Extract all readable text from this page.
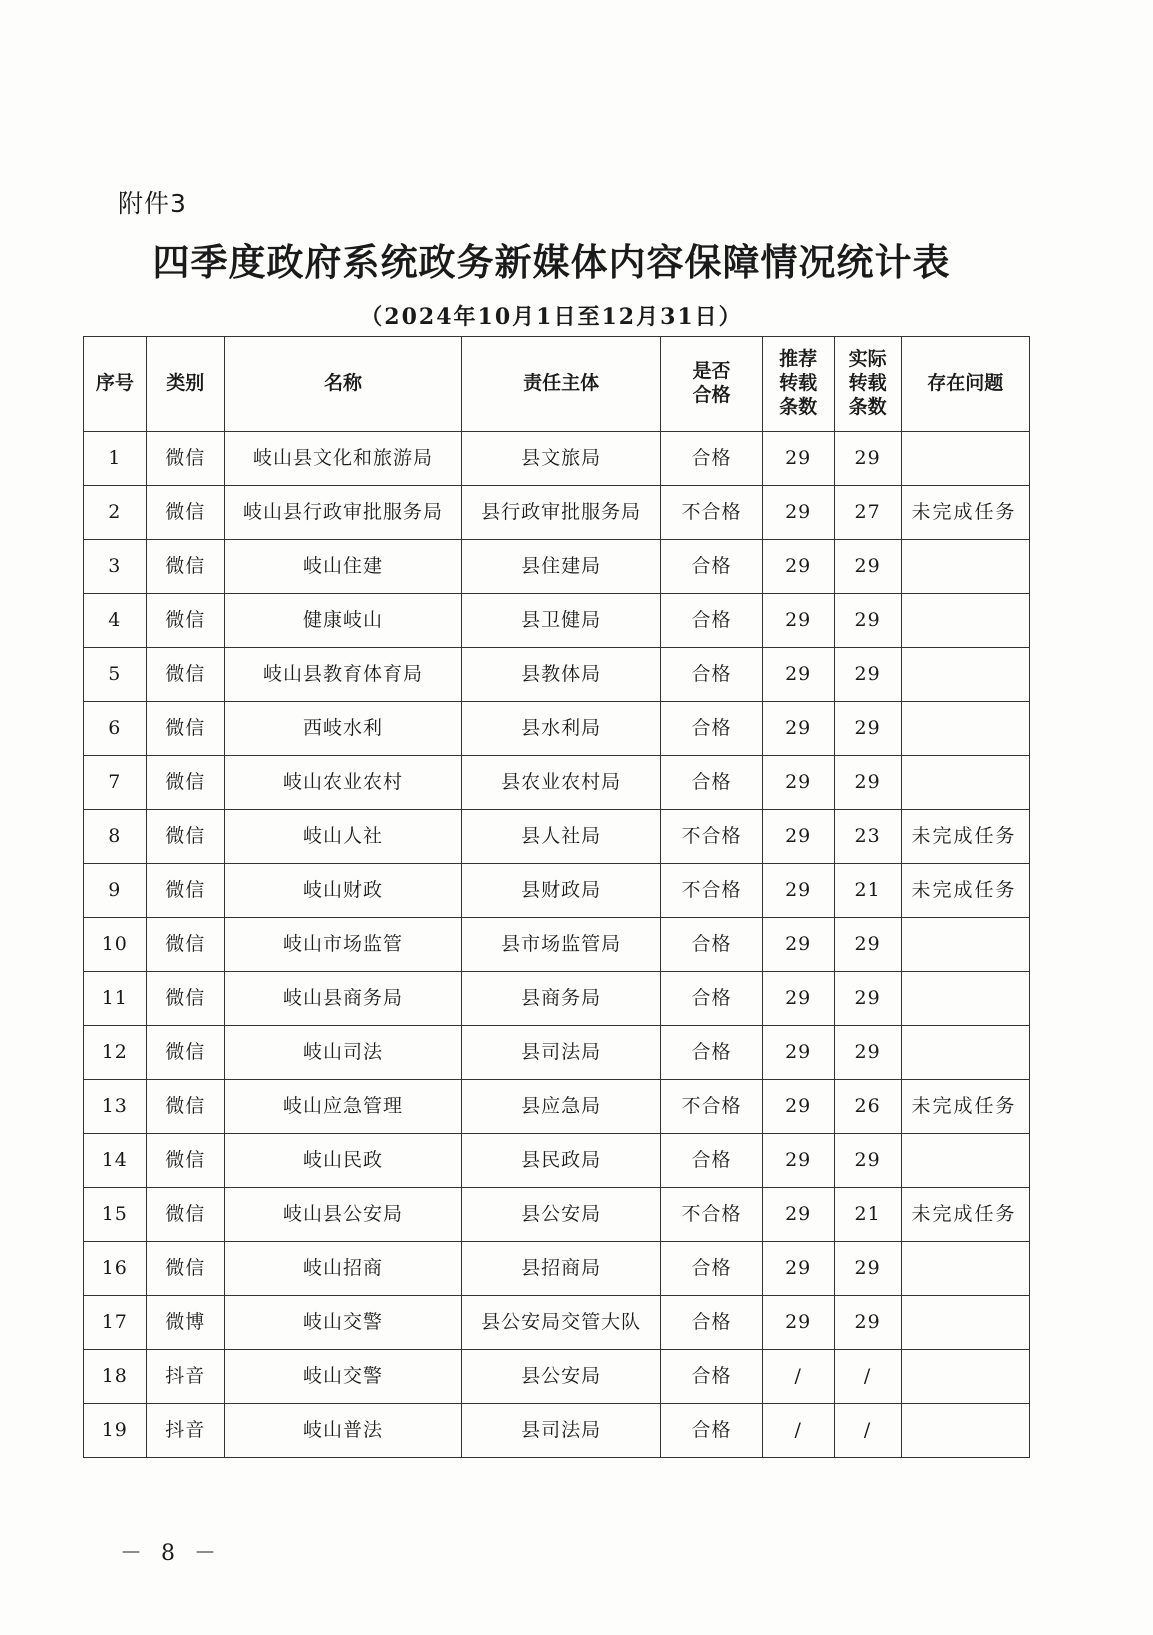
附件3
四季度政府系统政务新媒体内容保障情况统计表
（2024年10月1日至12月31日）
序号	类别	名称	责任主体	是否合格	推荐转载条数	实际转载条数	存在问题
1	微信	岐山县文化和旅游局	县文旅局	合格	29	29	
2	微信	岐山县行政审批服务局	县行政审批服务局	不合格	29	27	未完成任务
3	微信	岐山住建	县住建局	合格	29	29	
4	微信	健康岐山	县卫健局	合格	29	29	
5	微信	岐山县教育体育局	县教体局	合格	29	29	
6	微信	西岐水利	县水利局	合格	29	29	
7	微信	岐山农业农村	县农业农村局	合格	29	29	
8	微信	岐山人社	县人社局	不合格	29	23	未完成任务
9	微信	岐山财政	县财政局	不合格	29	21	未完成任务
10	微信	岐山市场监管	县市场监管局	合格	29	29	
11	微信	岐山县商务局	县商务局	合格	29	29	
12	微信	岐山司法	县司法局	合格	29	29	
13	微信	岐山应急管理	县应急局	不合格	29	26	未完成任务
14	微信	岐山民政	县民政局	合格	29	29	
15	微信	岐山县公安局	县公安局	不合格	29	21	未完成任务
16	微信	岐山招商	县招商局	合格	29	29	
17	微博	岐山交警	县公安局交管大队	合格	29	29	
18	抖音	岐山交警	县公安局	合格	/	/	
19	抖音	岐山普法	县司法局	合格	/	/	
－ 8 －
